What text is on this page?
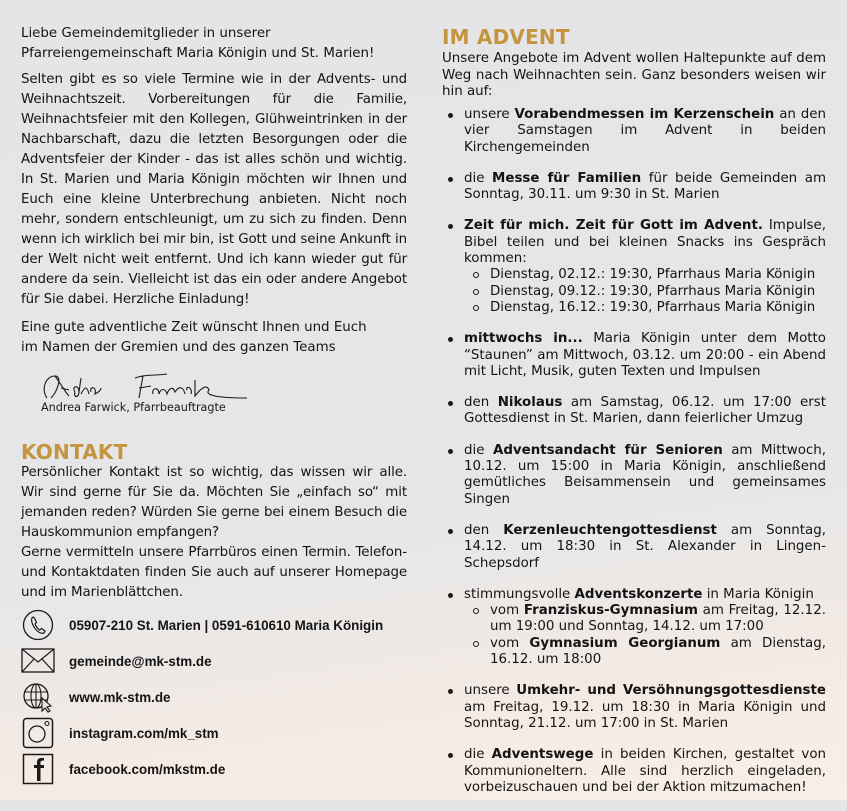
Liebe Gemeindemitglieder in unserer

Pfarreiengemeinschaft Maria Königin und St. Marien!

Selten gibt es so viele Termine wie in der Advents- und Weihnachtszeit. Vorbereitungen für die Familie, Weihnachtsfeier mit den Kollegen, Glühweintrinken in der Nachbarschaft, dazu die letzten Besorgungen oder die Adventsfeier der Kinder - das ist alles schön und wichtig. In St. Marien und Maria Königin möchten wir Ihnen und Euch eine kleine Unterbrechung anbieten. Nicht noch mehr, sondern entschleunigt, um zu sich zu finden. Denn wenn ich wirklich bei mir bin, ist Gott und seine Ankunft in der Welt nicht weit entfernt. Und ich kann wieder gut für andere da sein. Vielleicht ist das ein oder andere Angebot für Sie dabei. Herzliche Einladung!

Eine gute adventliche Zeit wünscht Ihnen und Euch

im Namen der Gremien und des ganzen Teams

Andrea Farwick, Pfarrbeauftragte
KONTAKT

Persönlicher Kontakt ist so wichtig, das wissen wir alle. Wir sind gerne für Sie da. Möchten Sie „einfach so“ mit jemanden reden? Würden Sie gerne bei einem Besuch die Hauskommunion empfangen?

Gerne vermitteln unsere Pfarrbüros einen Termin. Telefon- und Kontaktdaten finden Sie auch auf unserer Homepage und im Marienblättchen.

05907-210 St. Marien | 0591-610610 Maria Königin
gemeinde@mk-stm.de
www.mk-stm.de
instagram.com/mk_stm
facebook.com/mkstm.de
IM ADVENT

Unsere Angebote im Advent wollen Haltepunkte auf dem Weg nach Weihnachten sein. Ganz besonders weisen wir hin auf:

unsere Vorabendmessen im Kerzenschein an den vier Samstagen im Advent in beiden Kirchengemeinden
die Messe für Familien für beide Gemeinden am Sonntag, 30.11. um 9:30 in St. Marien
Zeit für mich. Zeit für Gott im Advent. Impulse, Bibel teilen und bei kleinen Snacks ins Gespräch kommen:
Dienstag, 02.12.: 19:30, Pfarrhaus Maria Königin
Dienstag, 09.12.: 19:30, Pfarrhaus Maria Königin
Dienstag, 16.12.: 19:30, Pfarrhaus Maria Königin
mittwochs in... Maria Königin unter dem Motto “Staunen” am Mittwoch, 03.12. um 20:00 - ein Abend mit Licht, Musik, guten Texten und Impulsen
den Nikolaus am Samstag, 06.12. um 17:00 erst Gottesdienst in St. Marien, dann feierlicher Umzug
die Adventsandacht für Senioren am Mittwoch, 10.12. um 15:00 in Maria Königin, anschließend gemütliches Beisammensein und gemeinsames Singen
den Kerzenleuchtengottesdienst am Sonntag, 14.12. um 18:30 in St. Alexander in Lingen-Schepsdorf
stimmungsvolle Adventskonzerte in Maria Königin
vom Franziskus-Gymnasium am Freitag, 12.12. um 19:00 und Sonntag, 14.12. um 17:00
vom Gymnasium Georgianum am Dienstag, 16.12. um 18:00
unsere Umkehr- und Versöhnungsgottesdienste am Freitag, 19.12. um 18:30 in Maria Königin und Sonntag, 21.12. um 17:00 in St. Marien
die Adventswege in beiden Kirchen, gestaltet von Kommunioneltern. Alle sind herzlich eingeladen, vorbeizuschauen und bei der Aktion mitzumachen!
